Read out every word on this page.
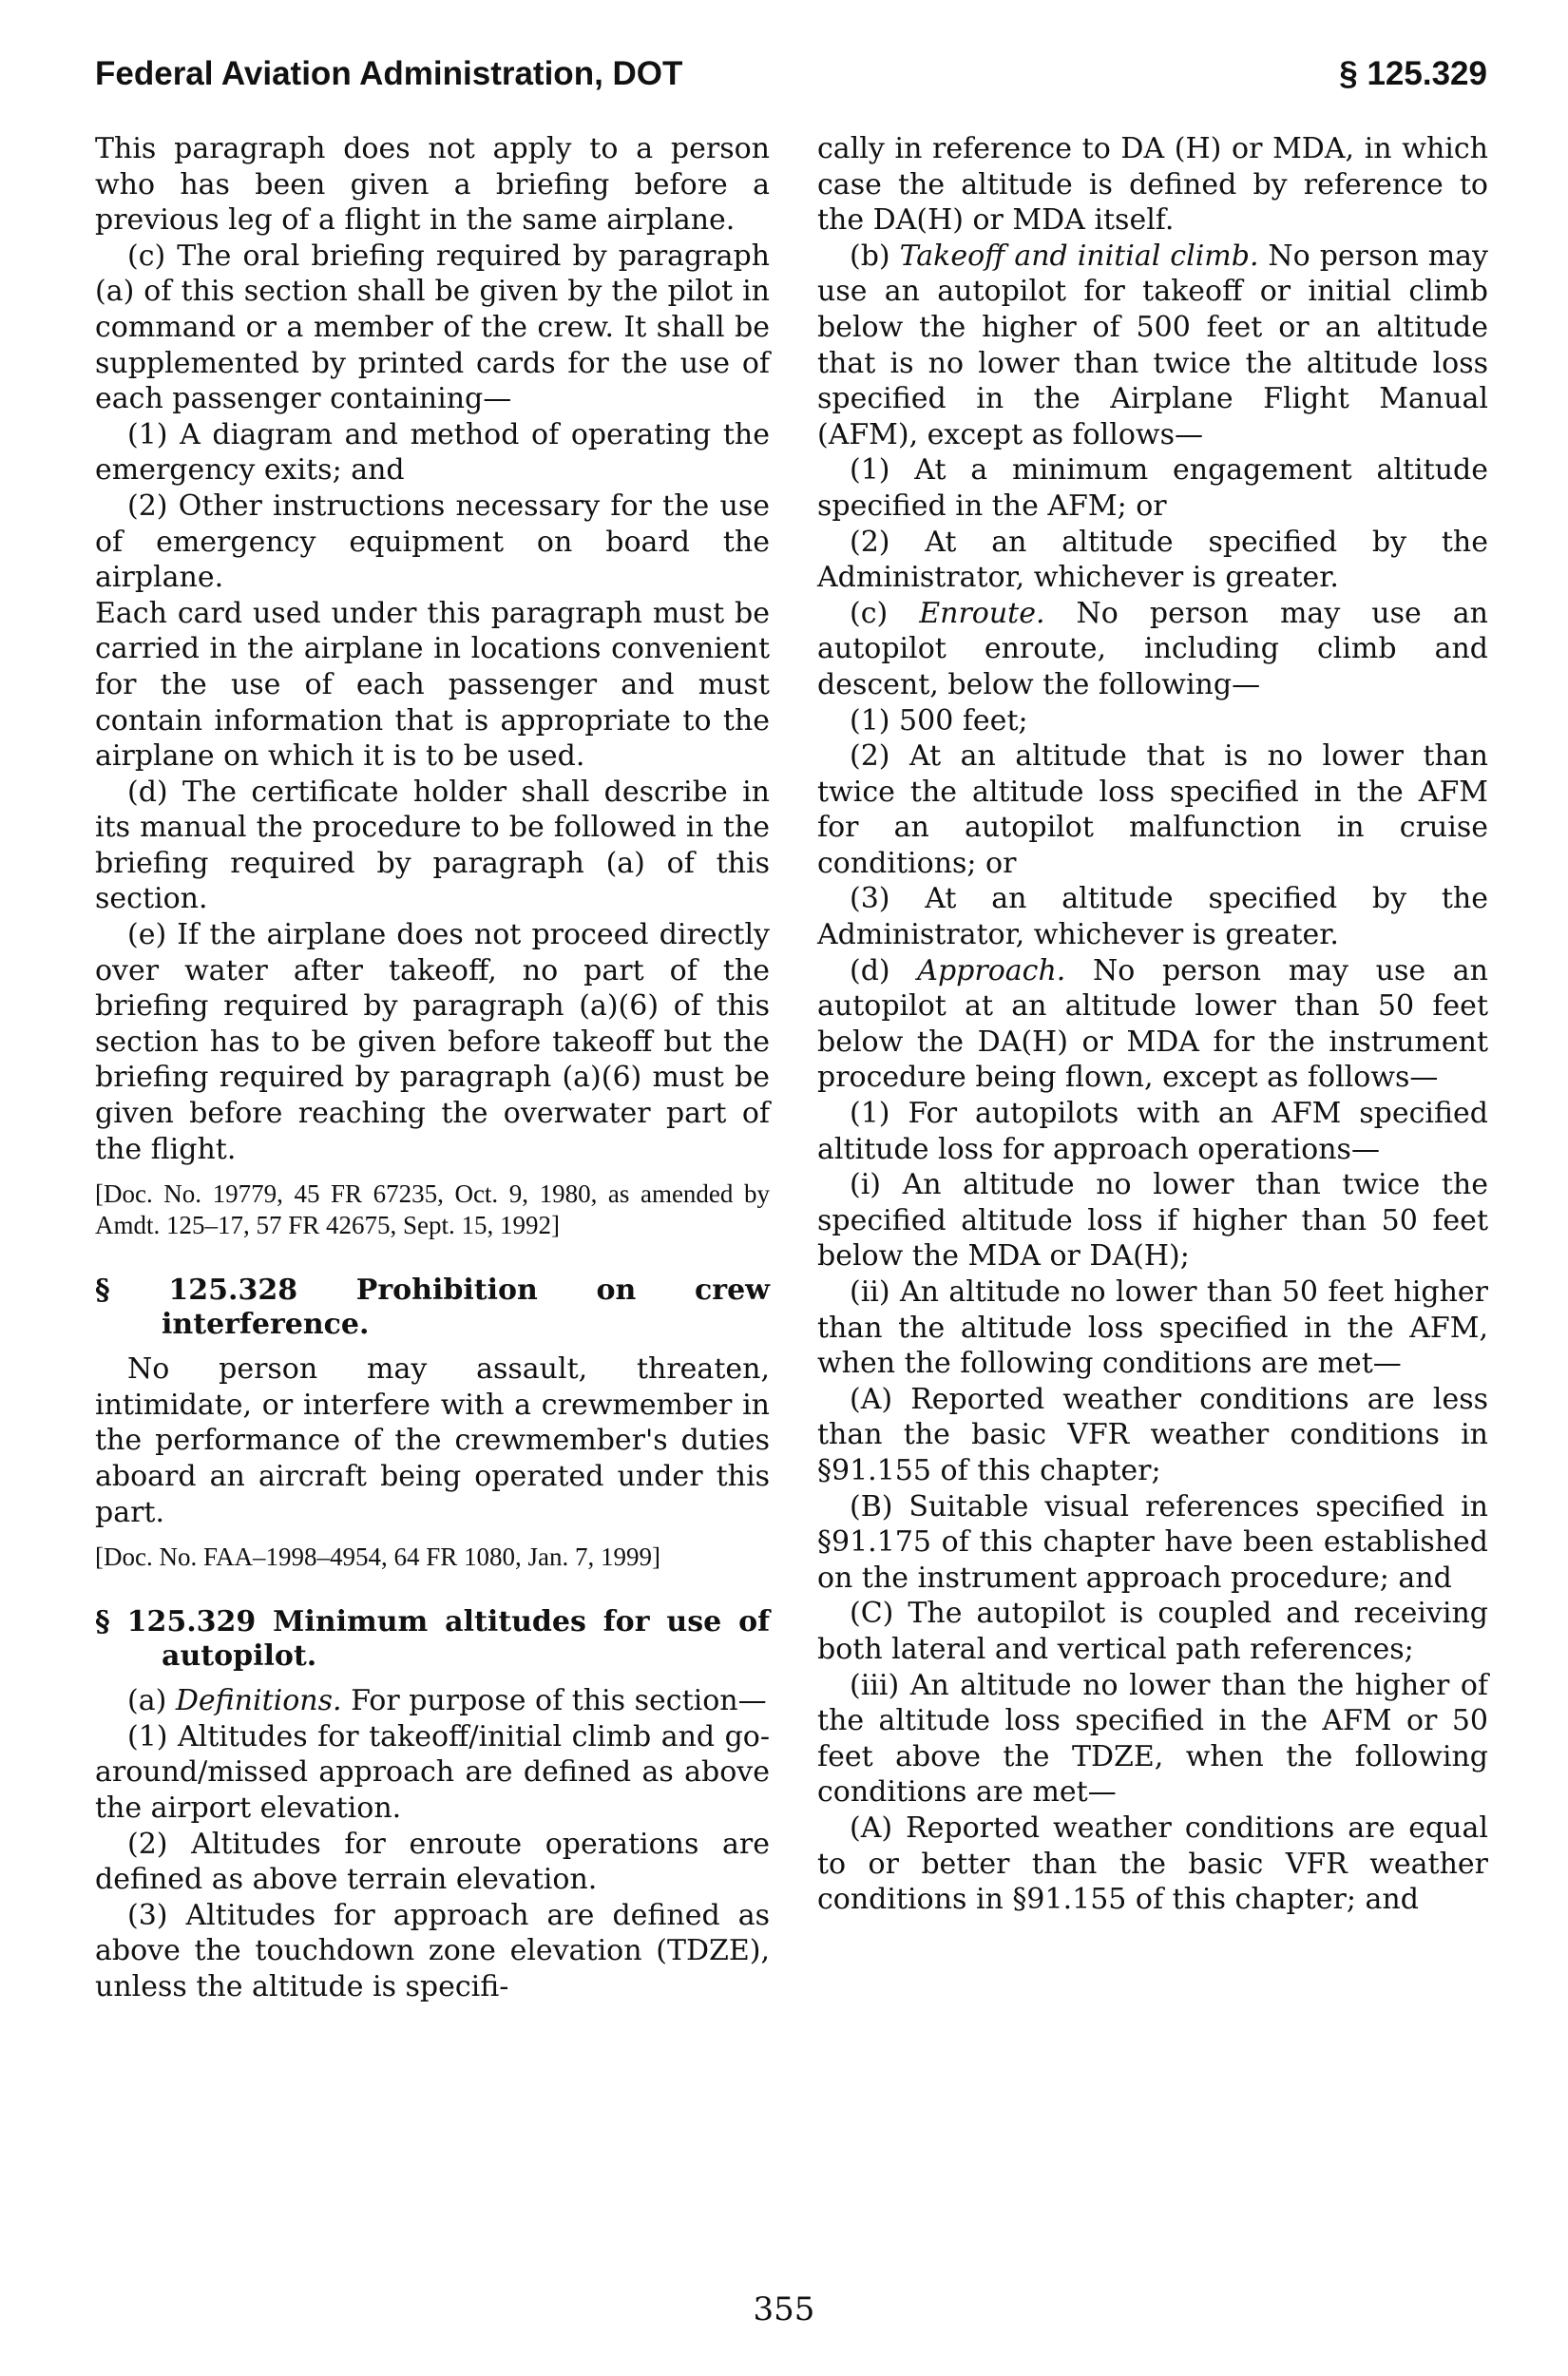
Federal Aviation Administration, DOT	§ 125.329

This paragraph does not apply to a person who has been given a briefing before a previous leg of a flight in the same airplane.

(c) The oral briefing required by paragraph (a) of this section shall be given by the pilot in command or a member of the crew. It shall be supplemented by printed cards for the use of each passenger containing—

(1) A diagram and method of operating the emergency exits; and

(2) Other instructions necessary for the use of emergency equipment on board the airplane.

Each card used under this paragraph must be carried in the airplane in locations convenient for the use of each passenger and must contain information that is appropriate to the airplane on which it is to be used.

(d) The certificate holder shall describe in its manual the procedure to be followed in the briefing required by paragraph (a) of this section.

(e) If the airplane does not proceed directly over water after takeoff, no part of the briefing required by paragraph (a)(6) of this section has to be given before takeoff but the briefing required by paragraph (a)(6) must be given before reaching the overwater part of the flight.

[Doc. No. 19779, 45 FR 67235, Oct. 9, 1980, as amended by Amdt. 125–17, 57 FR 42675, Sept. 15, 1992]

§ 125.328 Prohibition on crew interference.

No person may assault, threaten, intimidate, or interfere with a crewmember in the performance of the crewmember's duties aboard an aircraft being operated under this part.

[Doc. No. FAA–1998–4954, 64 FR 1080, Jan. 7, 1999]

§ 125.329 Minimum altitudes for use of autopilot.

(a) Definitions. For purpose of this section—

(1) Altitudes for takeoff/initial climb and go-around/missed approach are defined as above the airport elevation.

(2) Altitudes for enroute operations are defined as above terrain elevation.

(3) Altitudes for approach are defined as above the touchdown zone elevation (TDZE), unless the altitude is specifi-

cally in reference to DA (H) or MDA, in which case the altitude is defined by reference to the DA(H) or MDA itself.

(b) Takeoff and initial climb. No person may use an autopilot for takeoff or initial climb below the higher of 500 feet or an altitude that is no lower than twice the altitude loss specified in the Airplane Flight Manual (AFM), except as follows—

(1) At a minimum engagement altitude specified in the AFM; or

(2) At an altitude specified by the Administrator, whichever is greater.

(c) Enroute. No person may use an autopilot enroute, including climb and descent, below the following—

(1) 500 feet;

(2) At an altitude that is no lower than twice the altitude loss specified in the AFM for an autopilot malfunction in cruise conditions; or

(3) At an altitude specified by the Administrator, whichever is greater.

(d) Approach. No person may use an autopilot at an altitude lower than 50 feet below the DA(H) or MDA for the instrument procedure being flown, except as follows—

(1) For autopilots with an AFM specified altitude loss for approach operations—

(i) An altitude no lower than twice the specified altitude loss if higher than 50 feet below the MDA or DA(H);

(ii) An altitude no lower than 50 feet higher than the altitude loss specified in the AFM, when the following conditions are met—

(A) Reported weather conditions are less than the basic VFR weather conditions in §91.155 of this chapter;

(B) Suitable visual references specified in §91.175 of this chapter have been established on the instrument approach procedure; and

(C) The autopilot is coupled and receiving both lateral and vertical path references;

(iii) An altitude no lower than the higher of the altitude loss specified in the AFM or 50 feet above the TDZE, when the following conditions are met—

(A) Reported weather conditions are equal to or better than the basic VFR weather conditions in §91.155 of this chapter; and

355
